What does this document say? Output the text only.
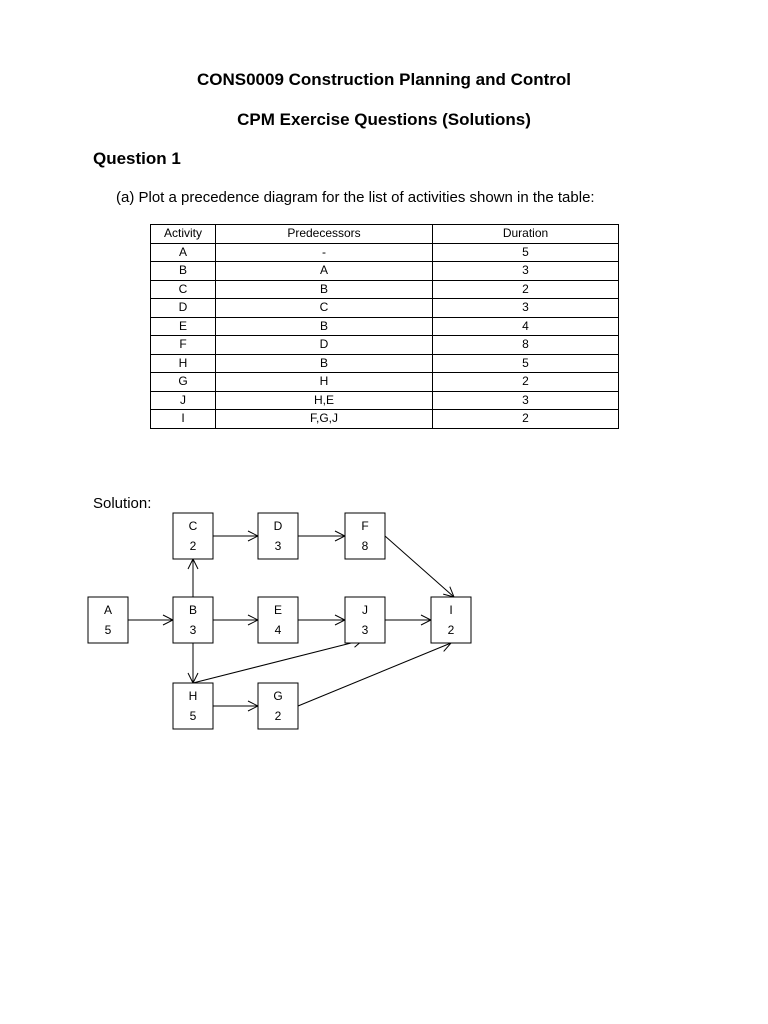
CONS0009 Construction Planning and Control
CPM Exercise Questions (Solutions)
Question 1
(a) Plot a precedence diagram for the list of activities shown in the table:
Activity	Predecessors	Duration
A	-	5
B	A	3
C	B	2
D	C	3
E	B	4
F	D	8
H	B	5
G	H	2
J	H,E	3
I	F,G,J	2
Solution:
A
5
B
3
C
2
D
3
F
8
E
4
J
3
I
2
H
5
G
2
